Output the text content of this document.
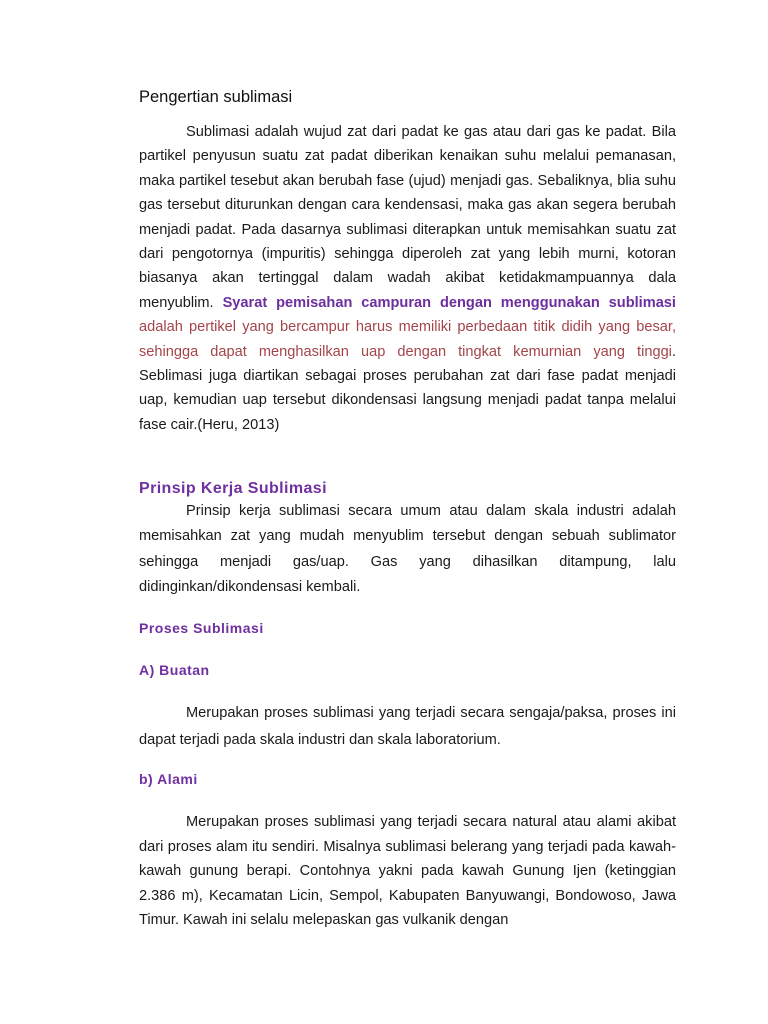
Pengertian sublimasi
Sublimasi adalah wujud zat dari padat ke gas atau dari gas ke padat. Bila partikel penyusun suatu zat padat diberikan kenaikan suhu melalui pemanasan, maka partikel tesebut akan berubah fase (ujud) menjadi gas. Sebaliknya, blia suhu gas tersebut diturunkan dengan cara kendensasi, maka gas akan segera berubah menjadi padat. Pada dasarnya sublimasi diterapkan untuk memisahkan suatu zat dari pengotornya (impuritis) sehingga diperoleh zat yang lebih murni, kotoran biasanya akan tertinggal dalam wadah akibat ketidakmampuannya dala menyublim. Syarat pemisahan campuran dengan menggunakan sublimasi adalah pertikel yang bercampur harus memiliki perbedaan titik didih yang besar, sehingga dapat menghasilkan uap dengan tingkat kemurnian yang tinggi. Seblimasi juga diartikan sebagai proses perubahan zat dari fase padat menjadi uap, kemudian uap tersebut dikondensasi langsung menjadi padat tanpa melalui fase cair.(Heru, 2013)
Prinsip Kerja Sublimasi
Prinsip kerja sublimasi secara umum atau dalam skala industri adalah memisahkan zat yang mudah menyublim tersebut dengan sebuah sublimator sehingga menjadi gas/uap. Gas yang dihasilkan ditampung, lalu didinginkan/dikondensasi kembali.
Proses Sublimasi
A) Buatan
Merupakan proses sublimasi yang terjadi secara sengaja/paksa, proses ini dapat terjadi pada skala industri dan skala laboratorium.
b) Alami
Merupakan proses sublimasi yang terjadi secara natural atau alami akibat dari proses alam itu sendiri. Misalnya sublimasi belerang yang terjadi pada kawah-kawah gunung berapi. Contohnya yakni pada kawah Gunung Ijen (ketinggian 2.386 m), Kecamatan Licin, Sempol, Kabupaten Banyuwangi, Bondowoso, Jawa Timur. Kawah ini selalu melepaskan gas vulkanik dengan
